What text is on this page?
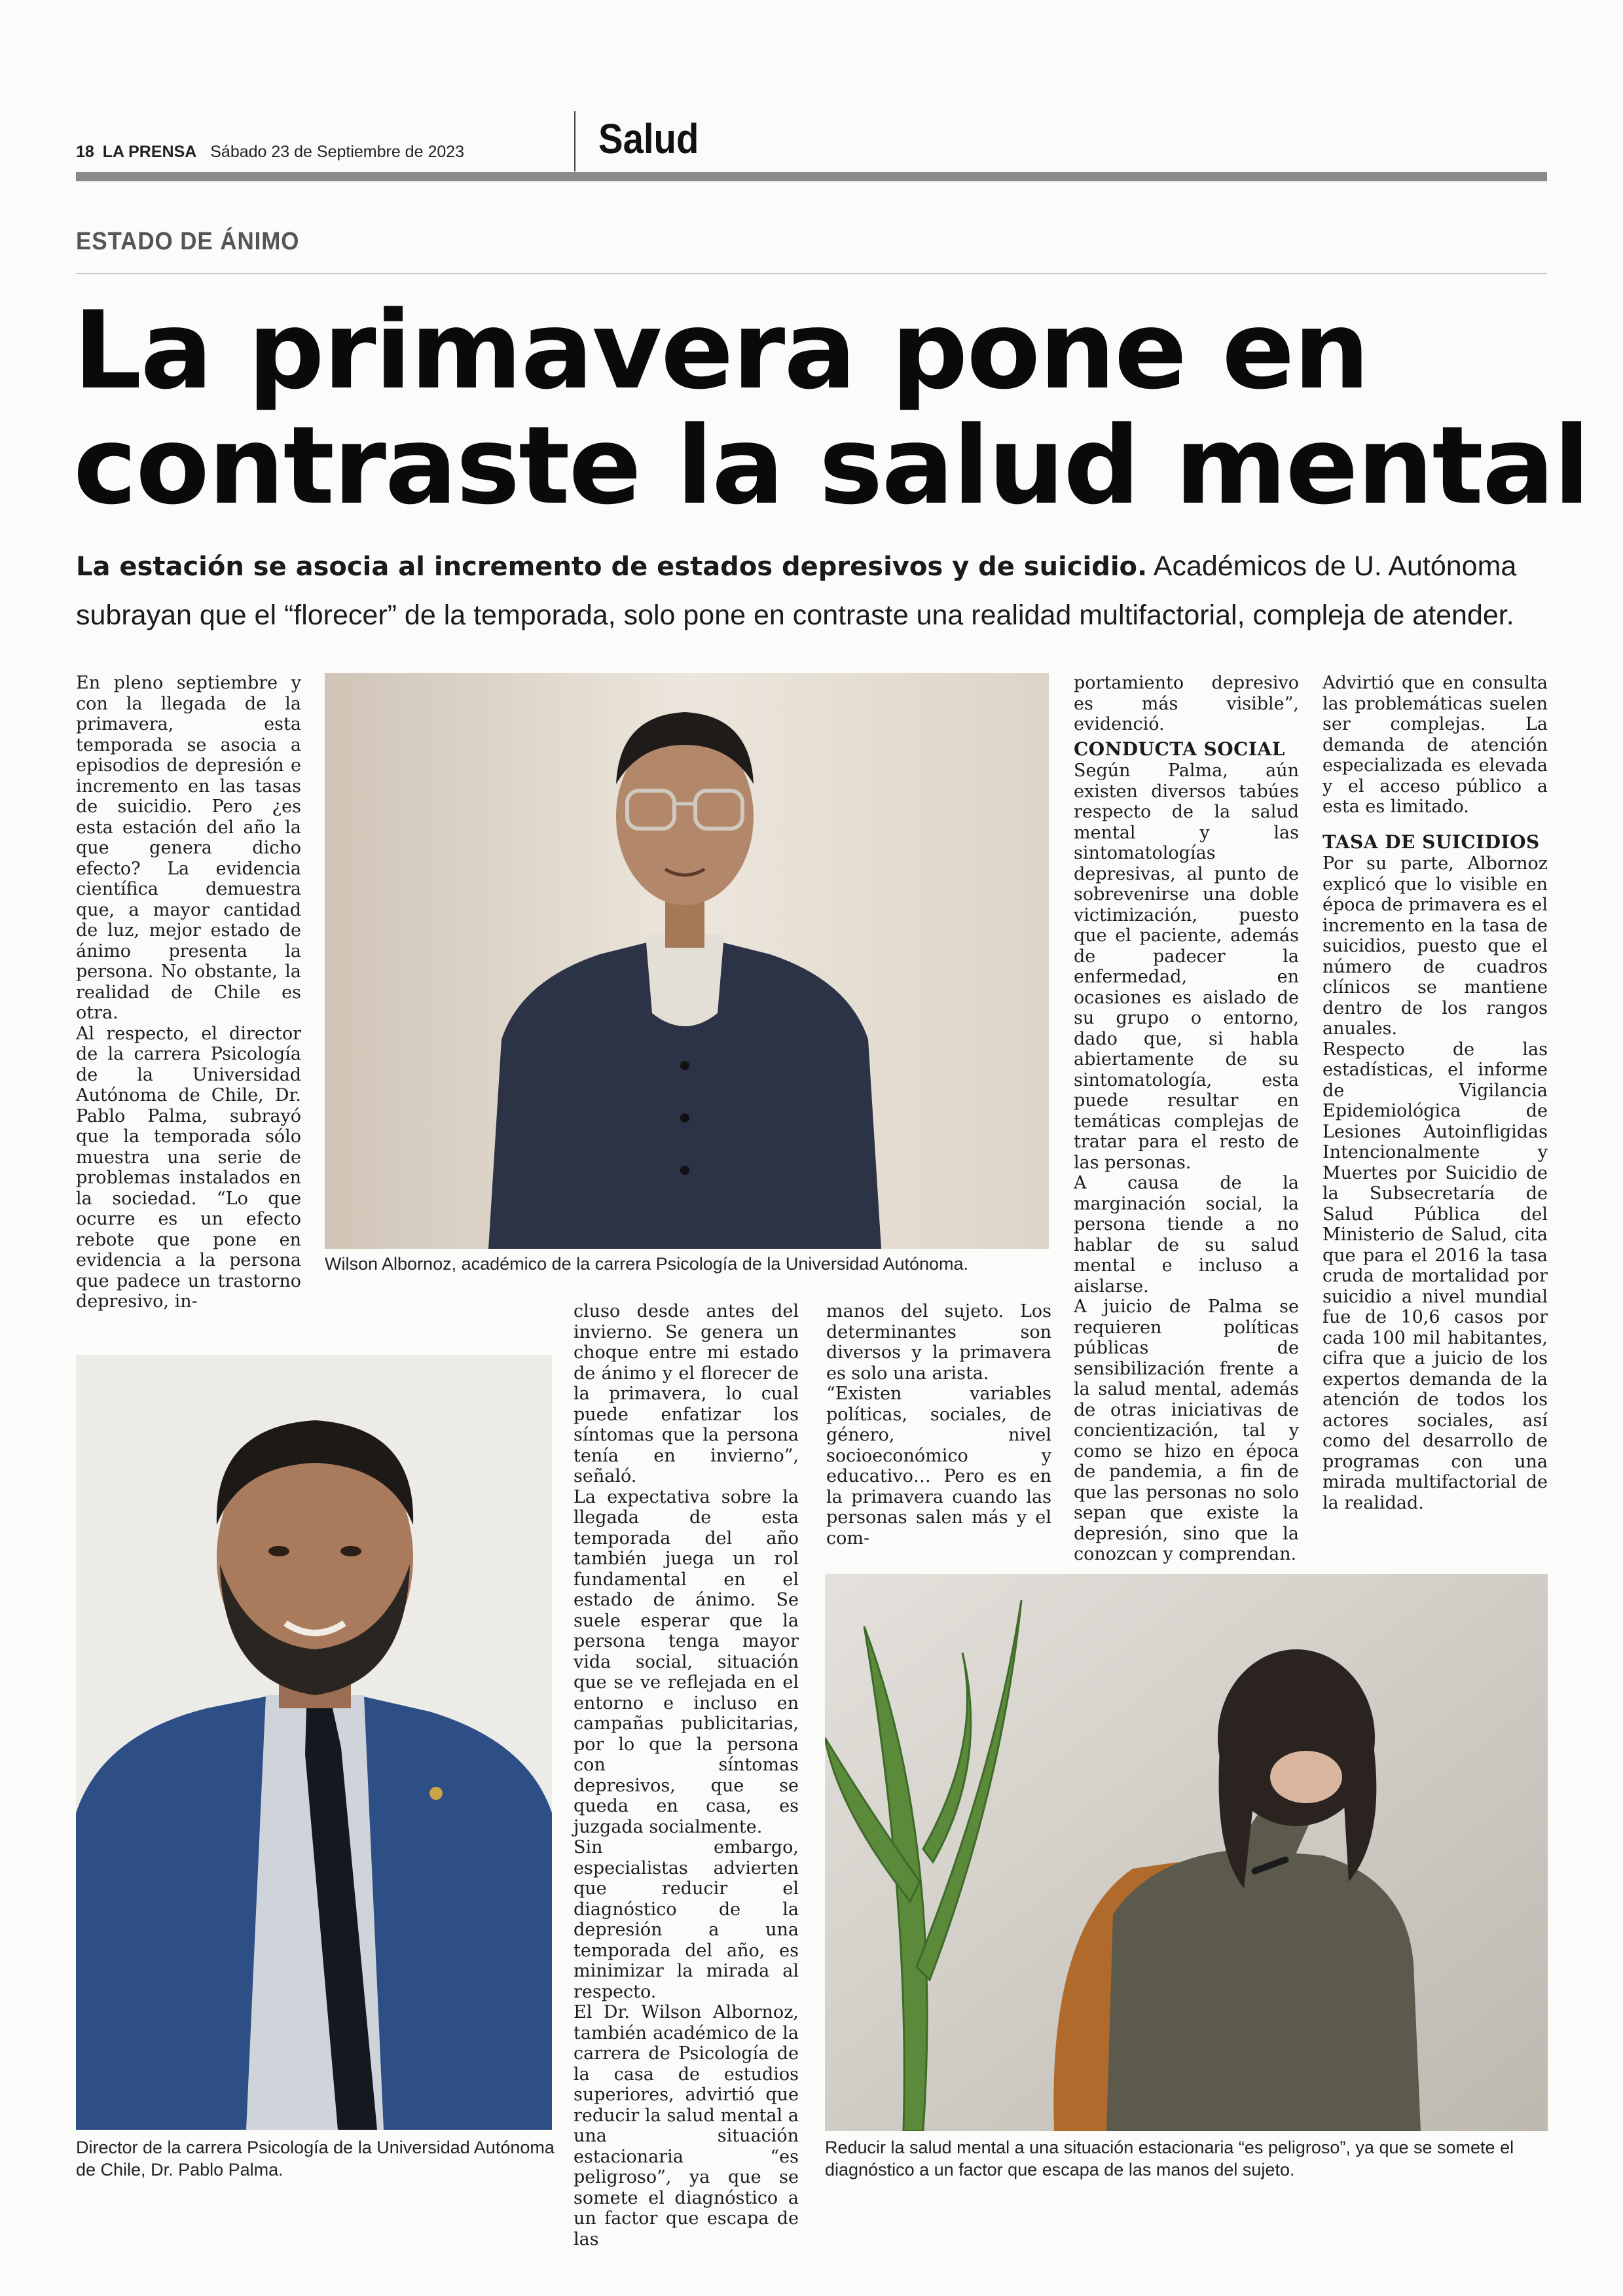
18 LA PRENSA Sábado 23 de Septiembre de 2023	Salud
ESTADO DE ÁNIMO
La primavera pone en
contraste la salud mental
La estación se asocia al incremento de estados depresivos y de suicidio. Académicos de U. Autónoma subrayan que el “florecer” de la temporada, solo pone en contraste una realidad multifactorial, compleja de atender.

En pleno septiembre y con la llegada de la primavera, esta temporada se asocia a episodios de depresión e incremento en las tasas de suicidio. Pero ¿es esta estación del año la que genera dicho efecto? La evidencia científica demuestra que, a mayor cantidad de luz, mejor estado de ánimo presenta la persona. No obstante, la realidad de Chile es otra.

Al respecto, el director de la carrera Psicología de la Universidad Autónoma de Chile, Dr. Pablo Palma, subrayó que la temporada sólo muestra una serie de problemas instalados en la sociedad. “Lo que ocurre es un efecto rebote que pone en evidencia a la persona que padece un trastorno depresivo, in-

Wilson Albornoz, académico de la carrera Psicología de la Universidad Autónoma.

portamiento depresivo es más visible”, evidenció.

CONDUCTA SOCIAL

Según Palma, aún existen diversos tabúes respecto de la salud mental y las sintomatologías depresivas, al punto de sobrevenirse una doble victimización, puesto que el paciente, además de padecer la enfermedad, en ocasiones es aislado de su grupo o entorno, dado que, si habla abiertamente de su sintomatología, esta puede resultar en temáticas complejas de tratar para el resto de las personas.

A causa de la marginación social, la persona tiende a no hablar de su salud mental e incluso a aislarse.

A juicio de Palma se requieren políticas públicas de sensibilización frente a la salud mental, además de otras iniciativas de concientización, tal y como se hizo en época de pandemia, a fin de que las personas no solo sepan que existe la depresión, sino que la conozcan y comprendan.

Advirtió que en consulta las problemáticas suelen ser complejas. La demanda de atención especializada es elevada y el acceso público a esta es limitado.

TASA DE SUICIDIOS

Por su parte, Albornoz explicó que lo visible en época de primavera es el incremento en la tasa de suicidios, puesto que el número de cuadros clínicos se mantiene dentro de los rangos anuales.

Respecto de las estadísticas, el informe de Vigilancia Epidemiológica de Lesiones Autoinfligidas Intencionalmente y Muertes por Suicidio de la Subsecretaría de Salud Pública del Ministerio de Salud, cita que para el 2016 la tasa cruda de mortalidad por suicidio a nivel mundial fue de 10,6 casos por cada 100 mil habitantes, cifra que a juicio de los expertos demanda de la atención de todos los actores sociales, así como del desarrollo de programas con una mirada multifactorial de la realidad.

Director de la carrera Psicología de la Universidad Autónoma de Chile, Dr. Pablo Palma.

cluso desde antes del invierno. Se genera un choque entre mi estado de ánimo y el florecer de la primavera, lo cual puede enfatizar los síntomas que la persona tenía en invierno”, señaló.

La expectativa sobre la llegada de esta temporada del año también juega un rol fundamental en el estado de ánimo. Se suele esperar que la persona tenga mayor vida social, situación que se ve reflejada en el entorno e incluso en campañas publicitarias, por lo que la persona con síntomas depresivos, que se queda en casa, es juzgada socialmente.

Sin embargo, especialistas advierten que reducir el diagnóstico de la depresión a una temporada del año, es minimizar la mirada al respecto.

El Dr. Wilson Albornoz, también académico de la carrera de Psicología de la casa de estudios superiores, advirtió que reducir la salud mental a una situación estacionaria “es peligroso”, ya que se somete el diagnóstico a un factor que escapa de las

manos del sujeto. Los determinantes son diversos y la primavera es solo una arista.

“Existen variables políticas, sociales, de género, nivel socioeconómico y educativo… Pero es en la primavera cuando las personas salen más y el com-

Reducir la salud mental a una situación estacionaria “es peligroso”, ya que se somete el diagnóstico a un factor que escapa de las manos del sujeto.
